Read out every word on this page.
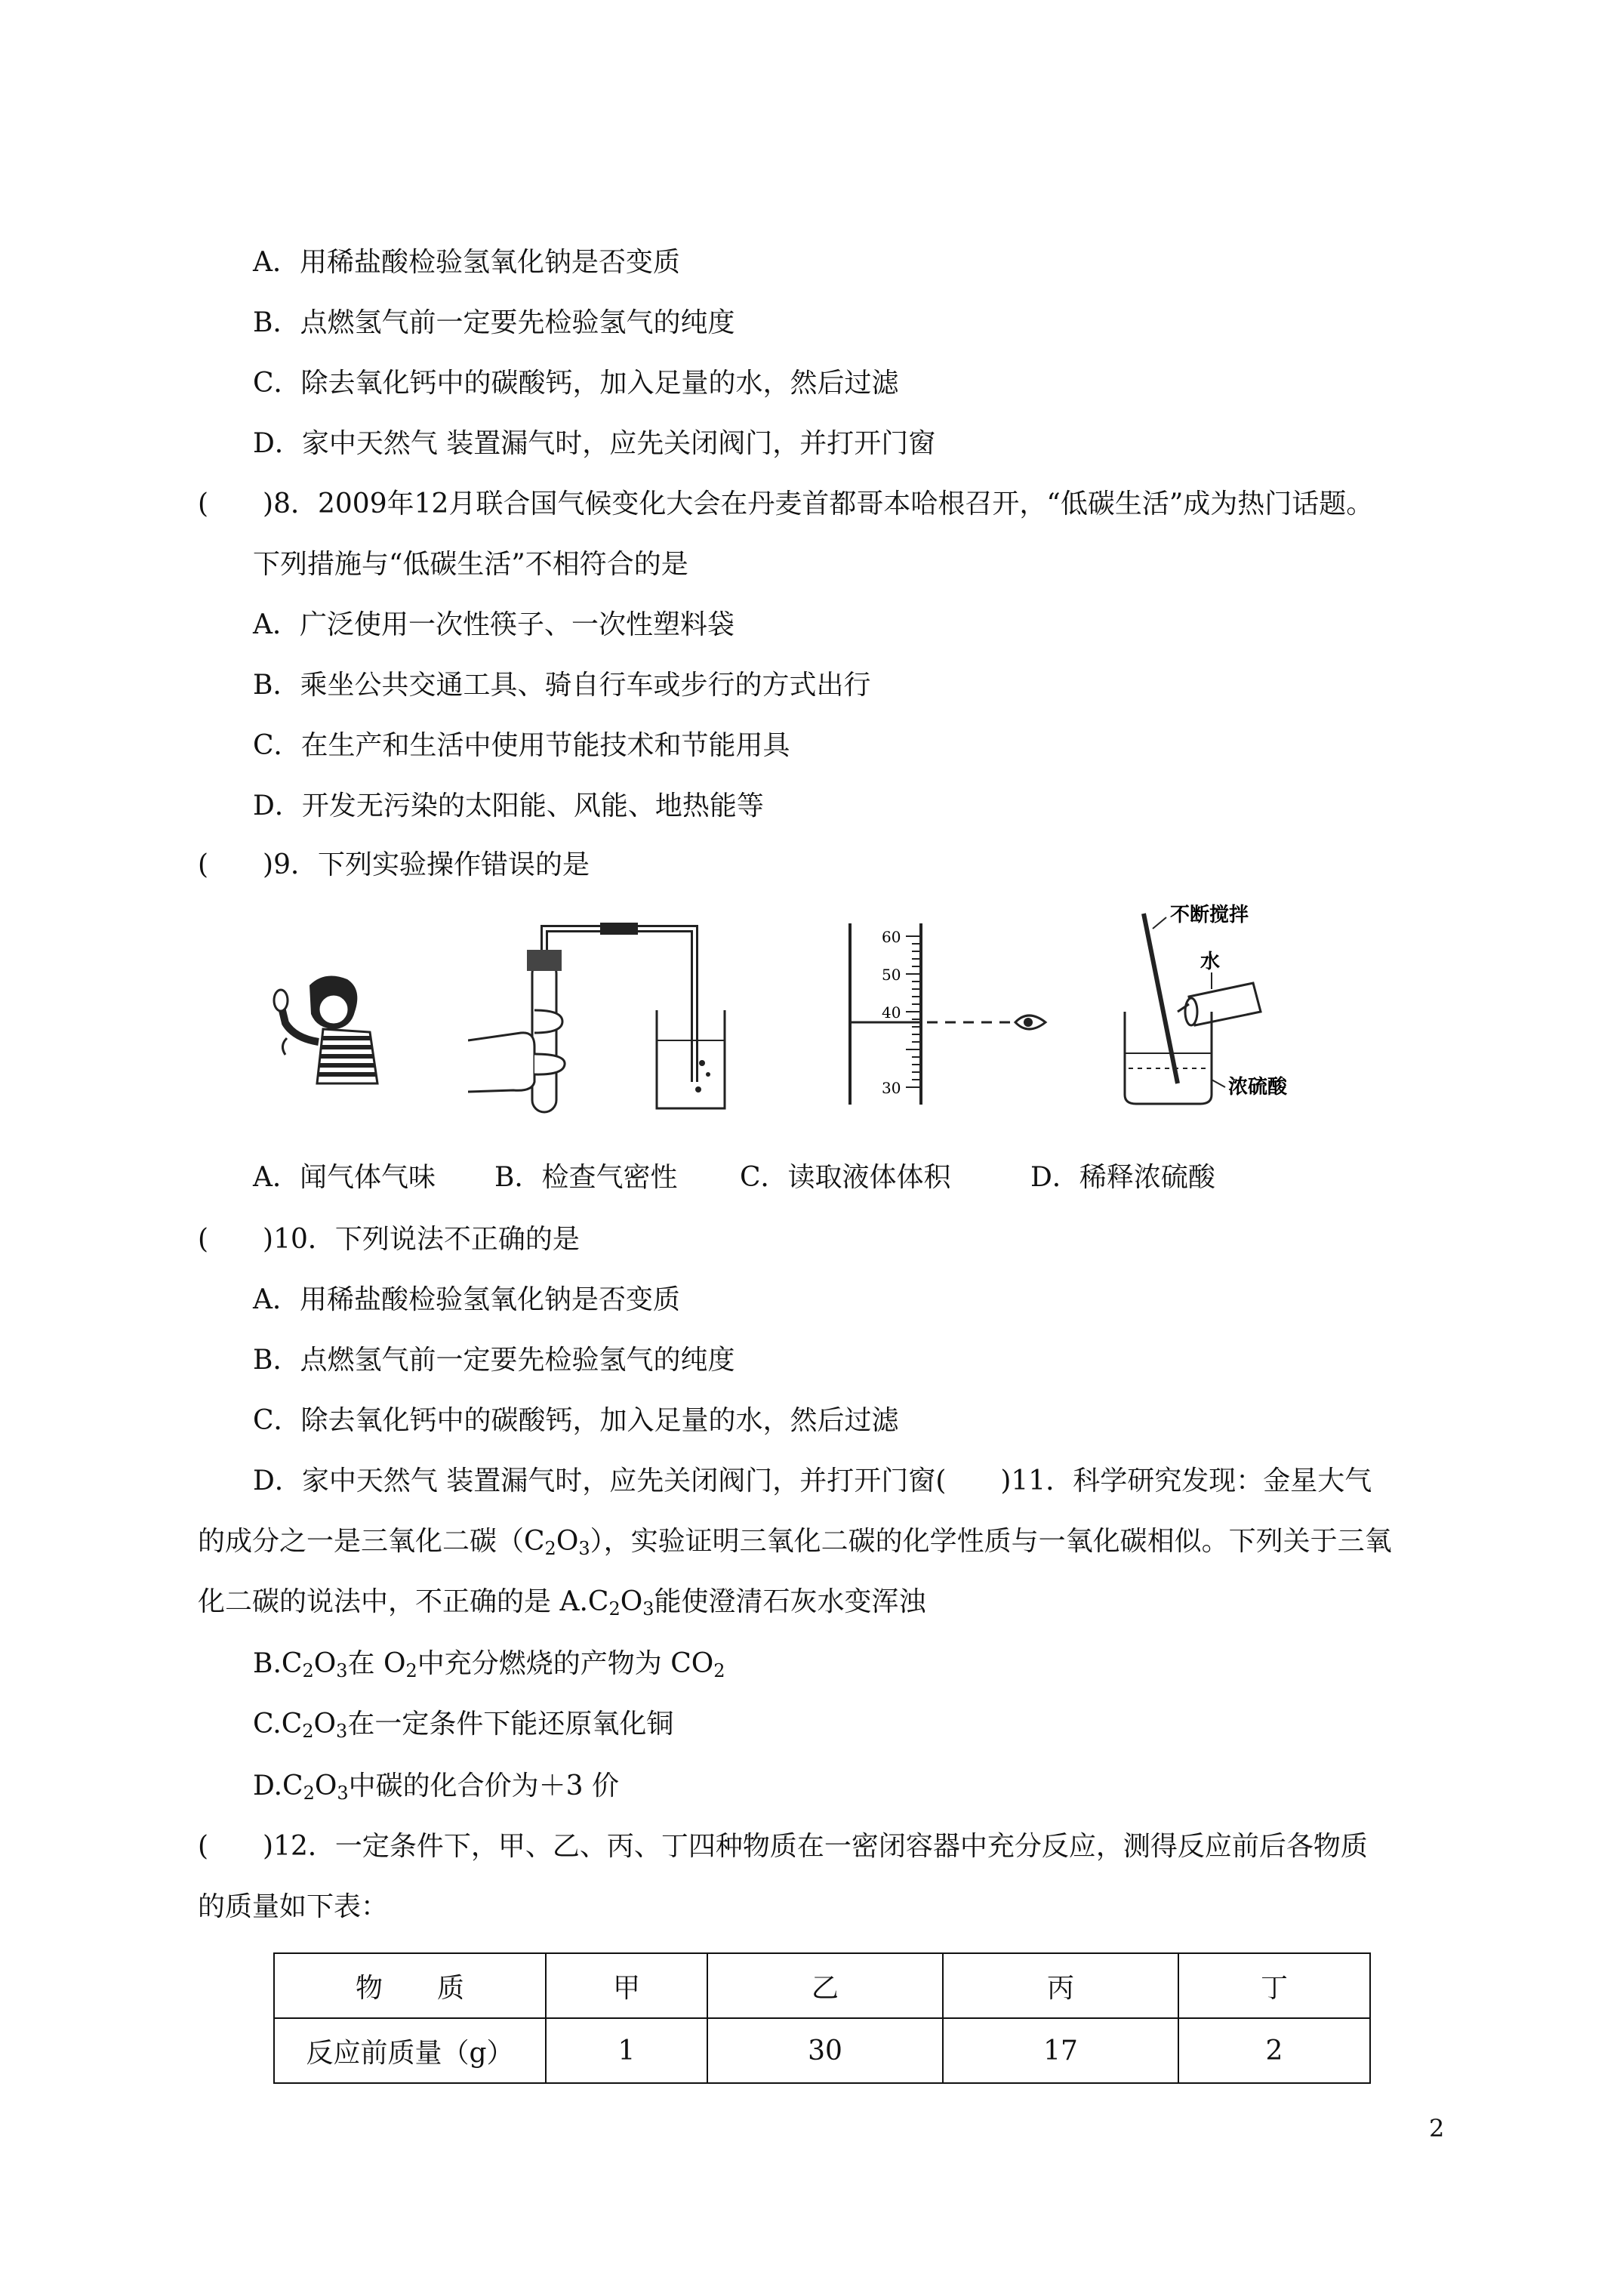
A．用稀盐酸检验氢氧化钠是否变质
B．点燃氢气前一定要先检验氢气的纯度
C．除去氧化钙中的碳酸钙，加入足量的水，然后过滤
D．家中天然气 装置漏气时，应先关闭阀门，并打开门窗
(　　)8．2009年12月联合国气候变化大会在丹麦首都哥本哈根召开，“低碳生活”成为热门话题。
下列措施与“低碳生活”不相符合的是
A．广泛使用一次性筷子、一次性塑料袋
B．乘坐公共交通工具、骑自行车或步行的方式出行
C．在生产和生活中使用节能技术和节能用具
D．开发无污染的太阳能、风能、地热能等
(　　)9．下列实验操作错误的是
60
50
40
30
不断搅拌
水
浓硫酸
A．闻气体气味 B．检查气密性 C．读取液体体积	D．稀释浓硫酸
(　　)10．下列说法不正确的是
A．用稀盐酸检验氢氧化钠是否变质
B．点燃氢气前一定要先检验氢气的纯度
C．除去氧化钙中的碳酸钙，加入足量的水，然后过滤
D．家中天然气 装置漏气时，应先关闭阀门，并打开门窗(　　)11．科学研究发现：金星大气
的成分之一是三氧化二碳$(C_2O_3)$，实验证明三氧化二碳的化学性质与一氧化碳相似。下列关于三氧
化二碳的说法中，不正确的是 $A.C_2O_3$能使澄清石灰水变浑浊
$B.C_2O_3$在 $O_2$中充分燃烧的产物为 $CO_2$
$C.C_2O_3$在一定条件下能还原氧化铜
$D.C_2O_3$中碳的化合价为＋3 价
(　　)12．一定条件下，甲、乙、丙、丁四种物质在一密闭容器中充分反应，测得反应前后各物质
的质量如下表：
物　　质	甲	乙	丙	丁
反应前质量（g）	1	30	17	2
2
